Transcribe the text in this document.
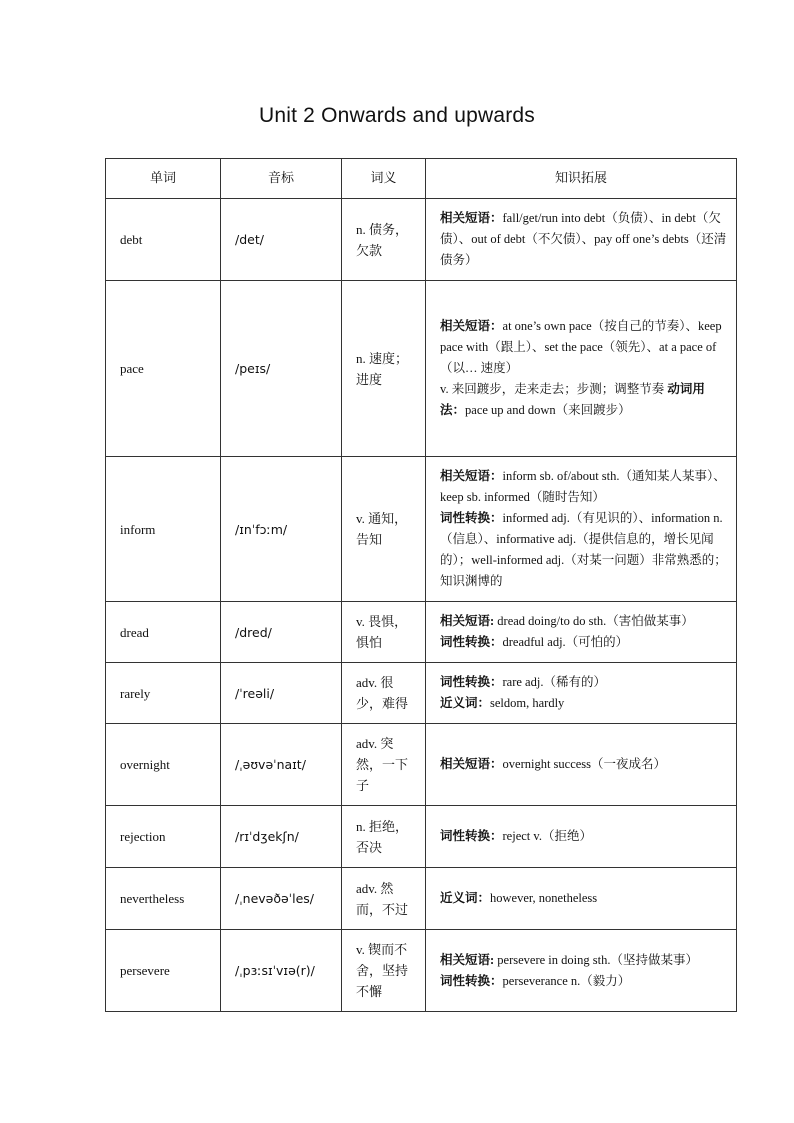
Unit 2 Onwards and upwards
单词	音标	词义	知识拓展
debt	/det/	n. 债务，欠款	相关短语：fall/get/run into debt（负债）、in debt（欠债）、out of debt（不欠债）、pay off one’s debts（还清债务）

pace	/peɪs/	n. 速度；进度	相关短语：at one’s own pace（按自己的节奏）、keep pace with（跟上）、set the pace（领先）、at a pace of（以… 速度）
v. 来回踱步，走来走去；步测；调整节奏 动词用法：pace up and down（来回踱步）
inform	/ɪnˈfɔːm/	v. 通知，告知	相关短语：inform sb. of/about sth.（通知某人某事）、keep sb. informed（随时告知）
词性转换：informed adj.（有见识的）、information n.（信息）、informative adj.（提供信息的，增长见闻的）；well-informed adj.（对某一问题）非常熟悉的；知识渊博的

dread	/dred/	v. 畏惧，惧怕	相关短语: dread doing/to do sth.（害怕做某事）
词性转换：dreadful adj.（可怕的）

rarely	/ˈreəli/	adv. 很少，难得	词性转换：rare adj.（稀有的）
近义词：seldom, hardly

overnight	/ˌəʊvəˈnaɪt/	adv. 突然，一下子	相关短语：overnight success（一夜成名）

rejection	/rɪˈdʒekʃn/	n. 拒绝，否决	词性转换：reject v.（拒绝）

nevertheless	/ˌnevəðəˈles/	adv. 然而，不过	近义词：however, nonetheless

persevere	/ˌpɜːsɪˈvɪə(r)/	v. 锲而不舍，坚持不懈	相关短语: persevere in doing sth.（坚持做某事）
词性转换：perseverance n.（毅力）
